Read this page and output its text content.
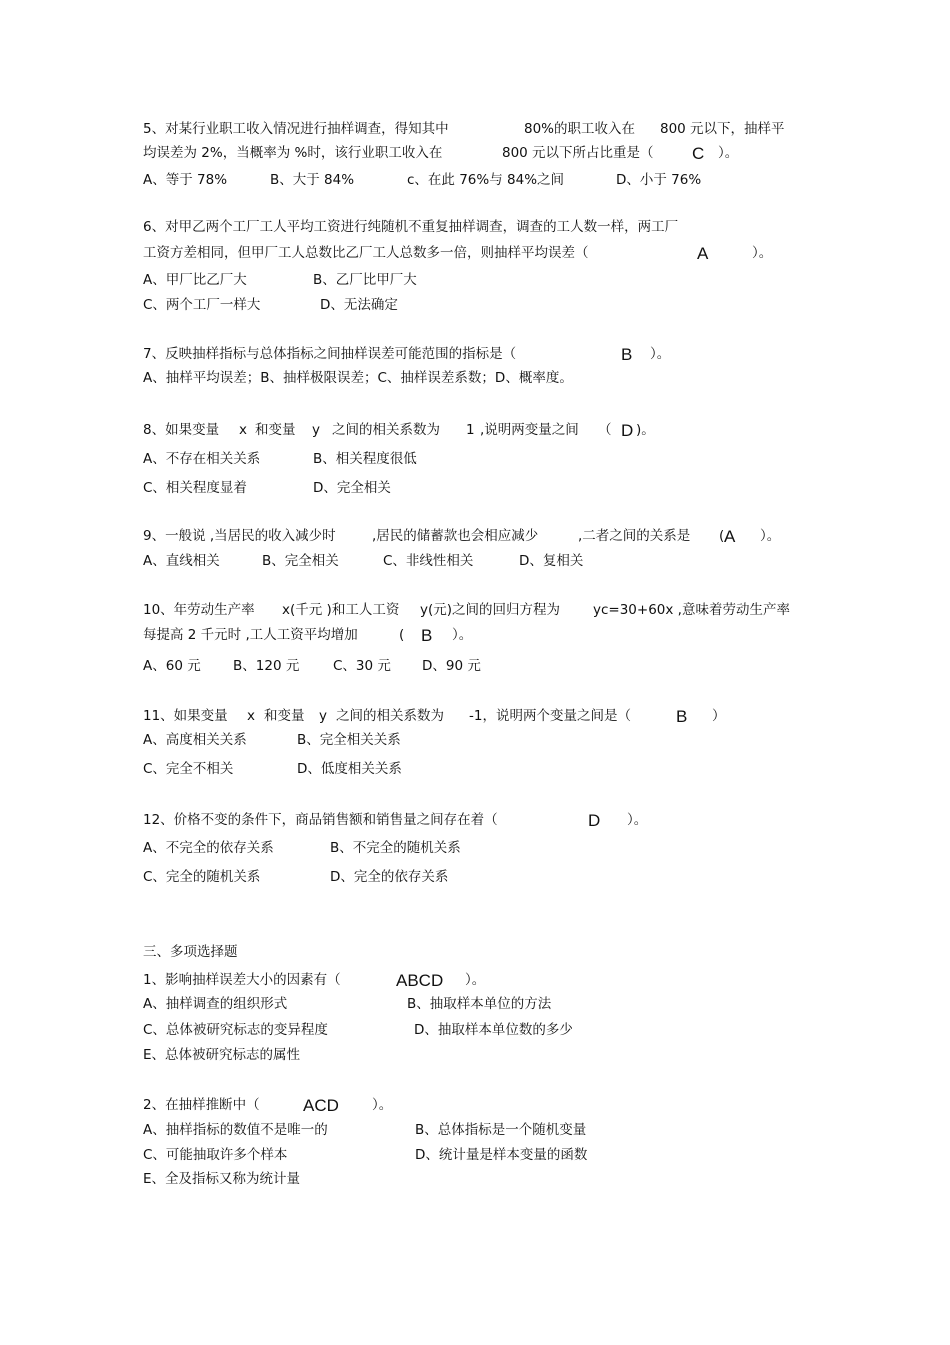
5、对某行业职工收入情况进行抽样调查，得知其中	80%的职工收入在 800 元以下，抽样平
均误差为 2%，当概率为 %时，该行业职工收入在	800 元以下所占比重是（ C ）。
A、等于 78%	B、大于 84%	c、在此 76%与 84%之间	D、小于 76%
6、对甲乙两个工厂工人平均工资进行纯随机不重复抽样调查，调查的工人数一样，两工厂
工资方差相同，但甲厂工人总数比乙厂工人总数多一倍，则抽样平均误差（	A	）。
A、甲厂比乙厂大	B、乙厂比甲厂大
C、两个工厂一样大	D、无法确定
7、反映抽样指标与总体指标之间抽样误差可能范围的指标是（	B ）。
A、抽样平均误差；B、抽样极限误差；C、抽样误差系数；D、概率度。
8、如果变量 x 和变量 y 之间的相关系数为 1 ,说明两变量之间 （ D )。
A、不存在相关关系	B、相关程度很低
C、相关程度显着	D、完全相关
9、一般说 ,当居民的收入减少时	,居民的储蓄款也会相应减少	,二者之间的关系是 ( A ）。
A、直线相关	B、完全相关	C、非线性相关	D、复相关
10、年劳动生产率 x(千元 )和工人工资 y(元)之间的回归方程为 yc=30+60x ,意味着劳动生产率
每提高 2 千元时 ,工人工资平均增加	( B ）。
A、60 元 B、120 元 C、30 元 D、90 元
11、如果变量 x 和变量 y 之间的相关系数为 -1，说明两个变量之间是（	B ）
A、高度相关关系	B、完全相关关系
C、完全不相关	D、低度相关关系
12、价格不变的条件下，商品销售额和销售量之间存在着（	D ）。
A、不完全的依存关系	B、不完全的随机关系
C、完全的随机关系	D、完全的依存关系
三、多项选择题
1、影响抽样误差大小的因素有（	ABCD ）。
A、抽样调查的组织形式	B、抽取样本单位的方法
C、总体被研究标志的变异程度	D、抽取样本单位数的多少
E、总体被研究标志的属性
2、在抽样推断中（	ACD ）。
A、抽样指标的数值不是唯一的	B、总体指标是一个随机变量
C、可能抽取许多个样本	D、统计量是样本变量的函数
E、全及指标又称为统计量
